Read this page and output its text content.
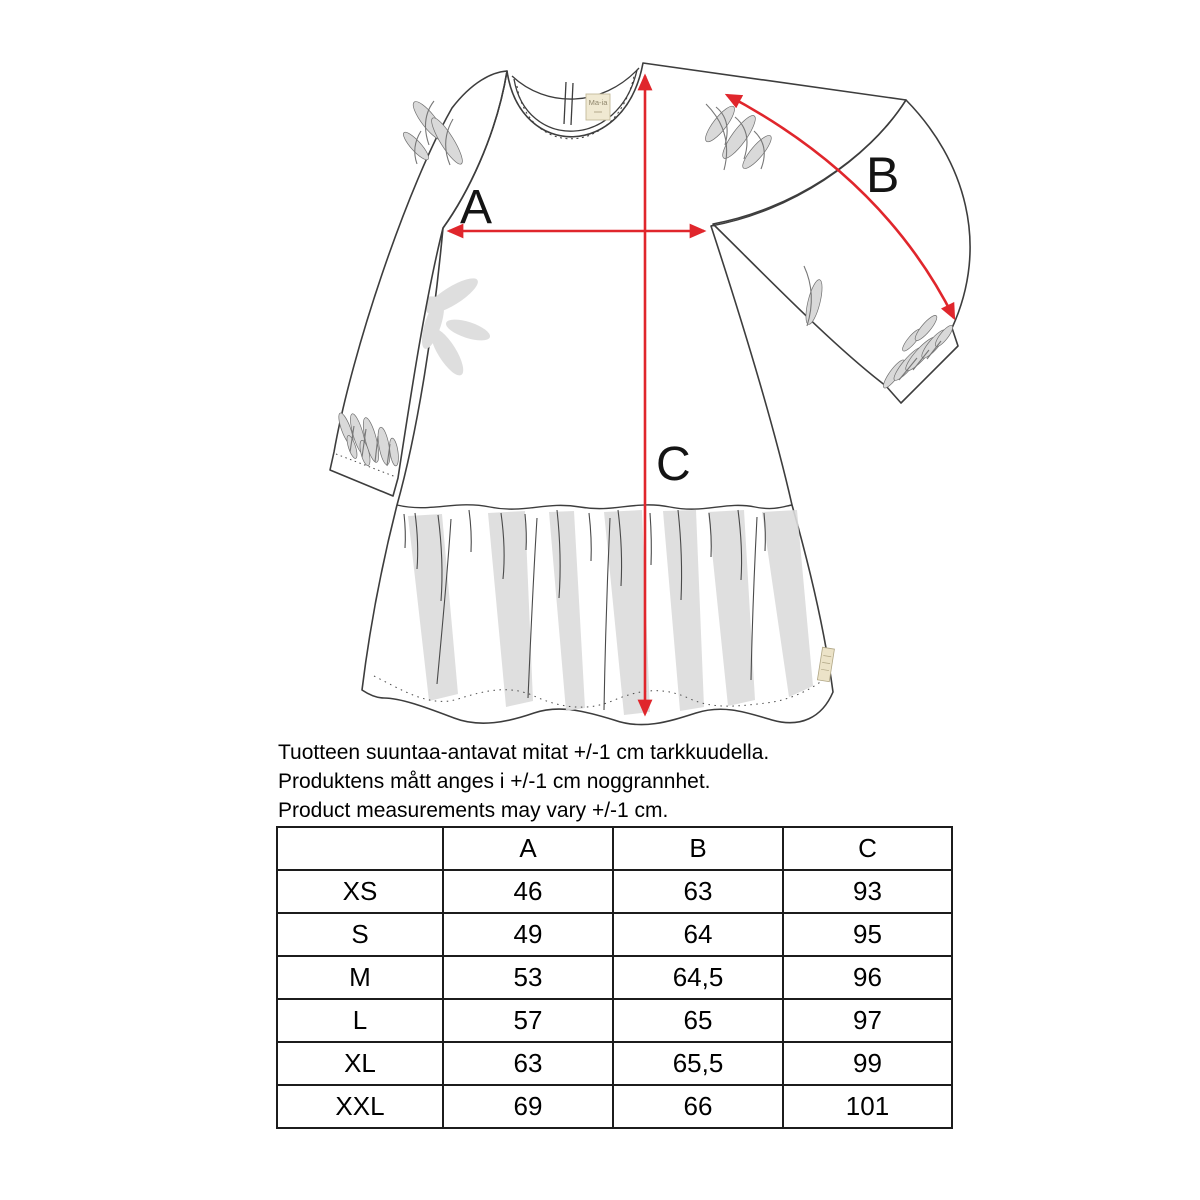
Ma-ia
A
B
C
Tuotteen suuntaa-antavat mitat +/-1 cm tarkkuudella.
Produktens mått anges i +/-1 cm noggrannhet.
Product measurements may vary +/-1 cm.
	A	B	C
XS	46	63	93
S	49	64	95
M	53	64,5	96
L	57	65	97
XL	63	65,5	99
XXL	69	66	101
